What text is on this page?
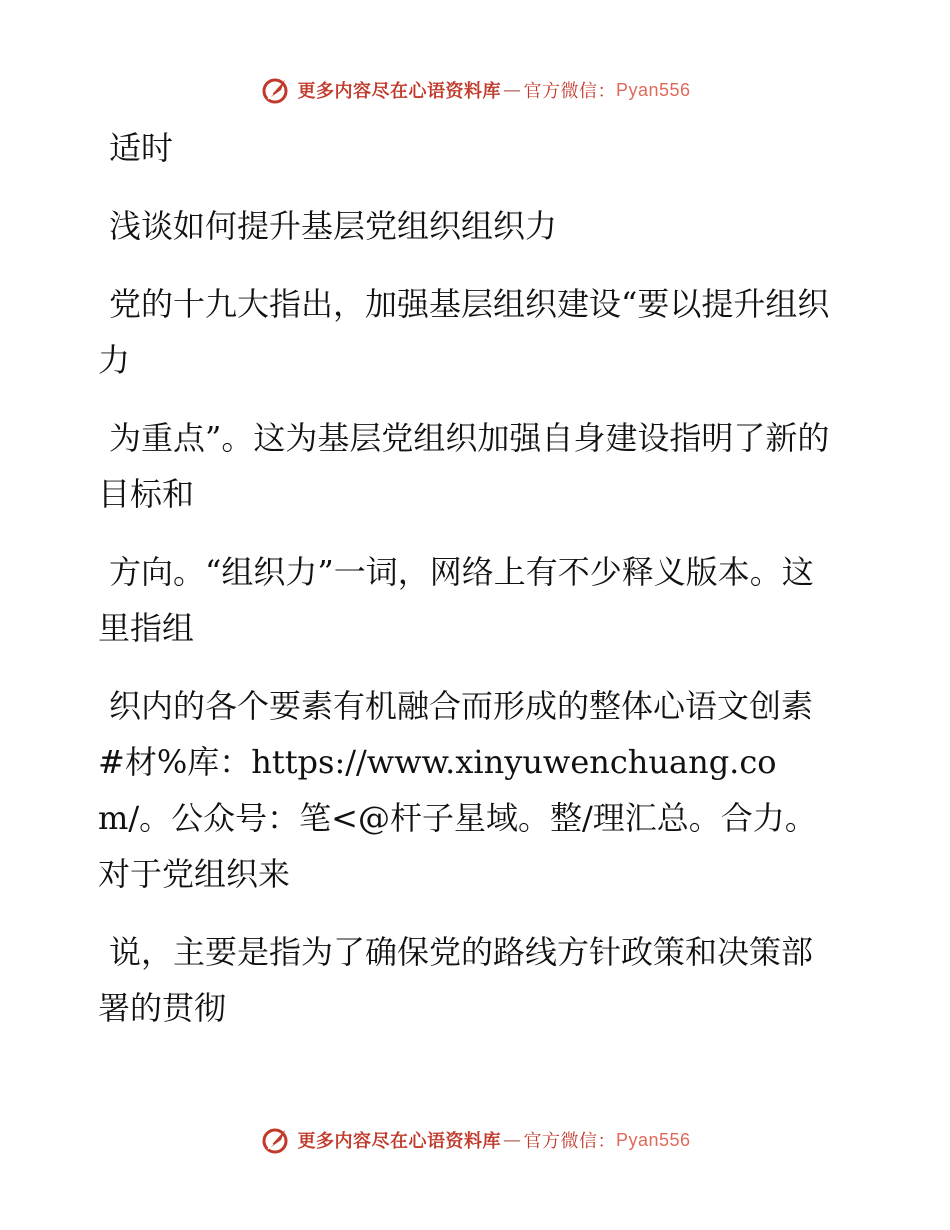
更多内容尽在心语资料库 — 官方微信： Pyan556

适时

浅谈如何提升基层党组织组织力

党的十九大指出，加强基层组织建设“要以提升组织力

为重点”。这为基层党组织加强自身建设指明了新的目标和

方向。“组织力”一词，网络上有不少释义版本。这里指组

织内的各个要素有机融合而形成的整体心语文创素#材%库：https://www.xinyuwenchuang.com/。公众号：笔<@杆子星域。整/理汇总。合力。对于党组织来

说，主要是指为了确保党的路线方针政策和决策部署的贯彻

更多内容尽在心语资料库 — 官方微信： Pyan556
